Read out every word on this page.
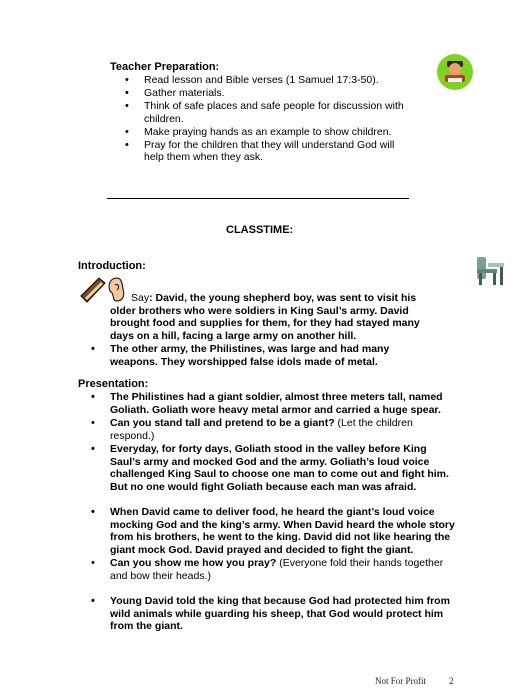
Teacher Preparation:
• Read lesson and Bible verses (1 Samuel 17:3-50).
• Gather materials.
• Think of safe places and safe people for discussion with children.
• Make praying hands as an example to show children.
• Pray for the children that they will understand God will help them when they ask.
CLASSTIME:
Introduction:
Say: David, the young shepherd boy, was sent to visit his older brothers who were soldiers in King Saul’s army. David brought food and supplies for them, for they had stayed many days on a hill, facing a large army on another hill.
• The other army, the Philistines, was large and had many weapons. They worshipped false idols made of metal.
Presentation:
• The Philistines had a giant soldier, almost three meters tall, named Goliath. Goliath wore heavy metal armor and carried a huge spear.
• Can you stand tall and pretend to be a giant? (Let the children respond.)
• Everyday, for forty days, Goliath stood in the valley before King Saul’s army and mocked God and the army. Goliath’s loud voice challenged King Saul to choose one man to come out and fight him. But no one would fight Goliath because each man was afraid.
• When David came to deliver food, he heard the giant’s loud voice mocking God and the king’s army. When David heard the whole story from his brothers, he went to the king. David did not like hearing the giant mock God. David prayed and decided to fight the giant.
• Can you show me how you pray? (Everyone fold their hands together and bow their heads.)
• Young David told the king that because God had protected him from wild animals while guarding his sheep, that God would protect him from the giant.
Not For Profit	2
